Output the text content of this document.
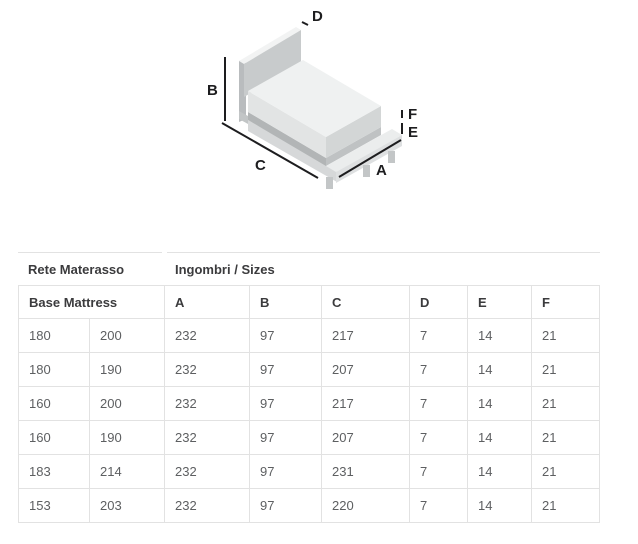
A
B
C
D
E
F
Rete Materasso	Ingombri / Sizes
Base Mattress	A	B	C	D	E	F
180	200	232	97	217	7	14	21
180	190	232	97	207	7	14	21
160	200	232	97	217	7	14	21
160	190	232	97	207	7	14	21
183	214	232	97	231	7	14	21
153	203	232	97	220	7	14	21
